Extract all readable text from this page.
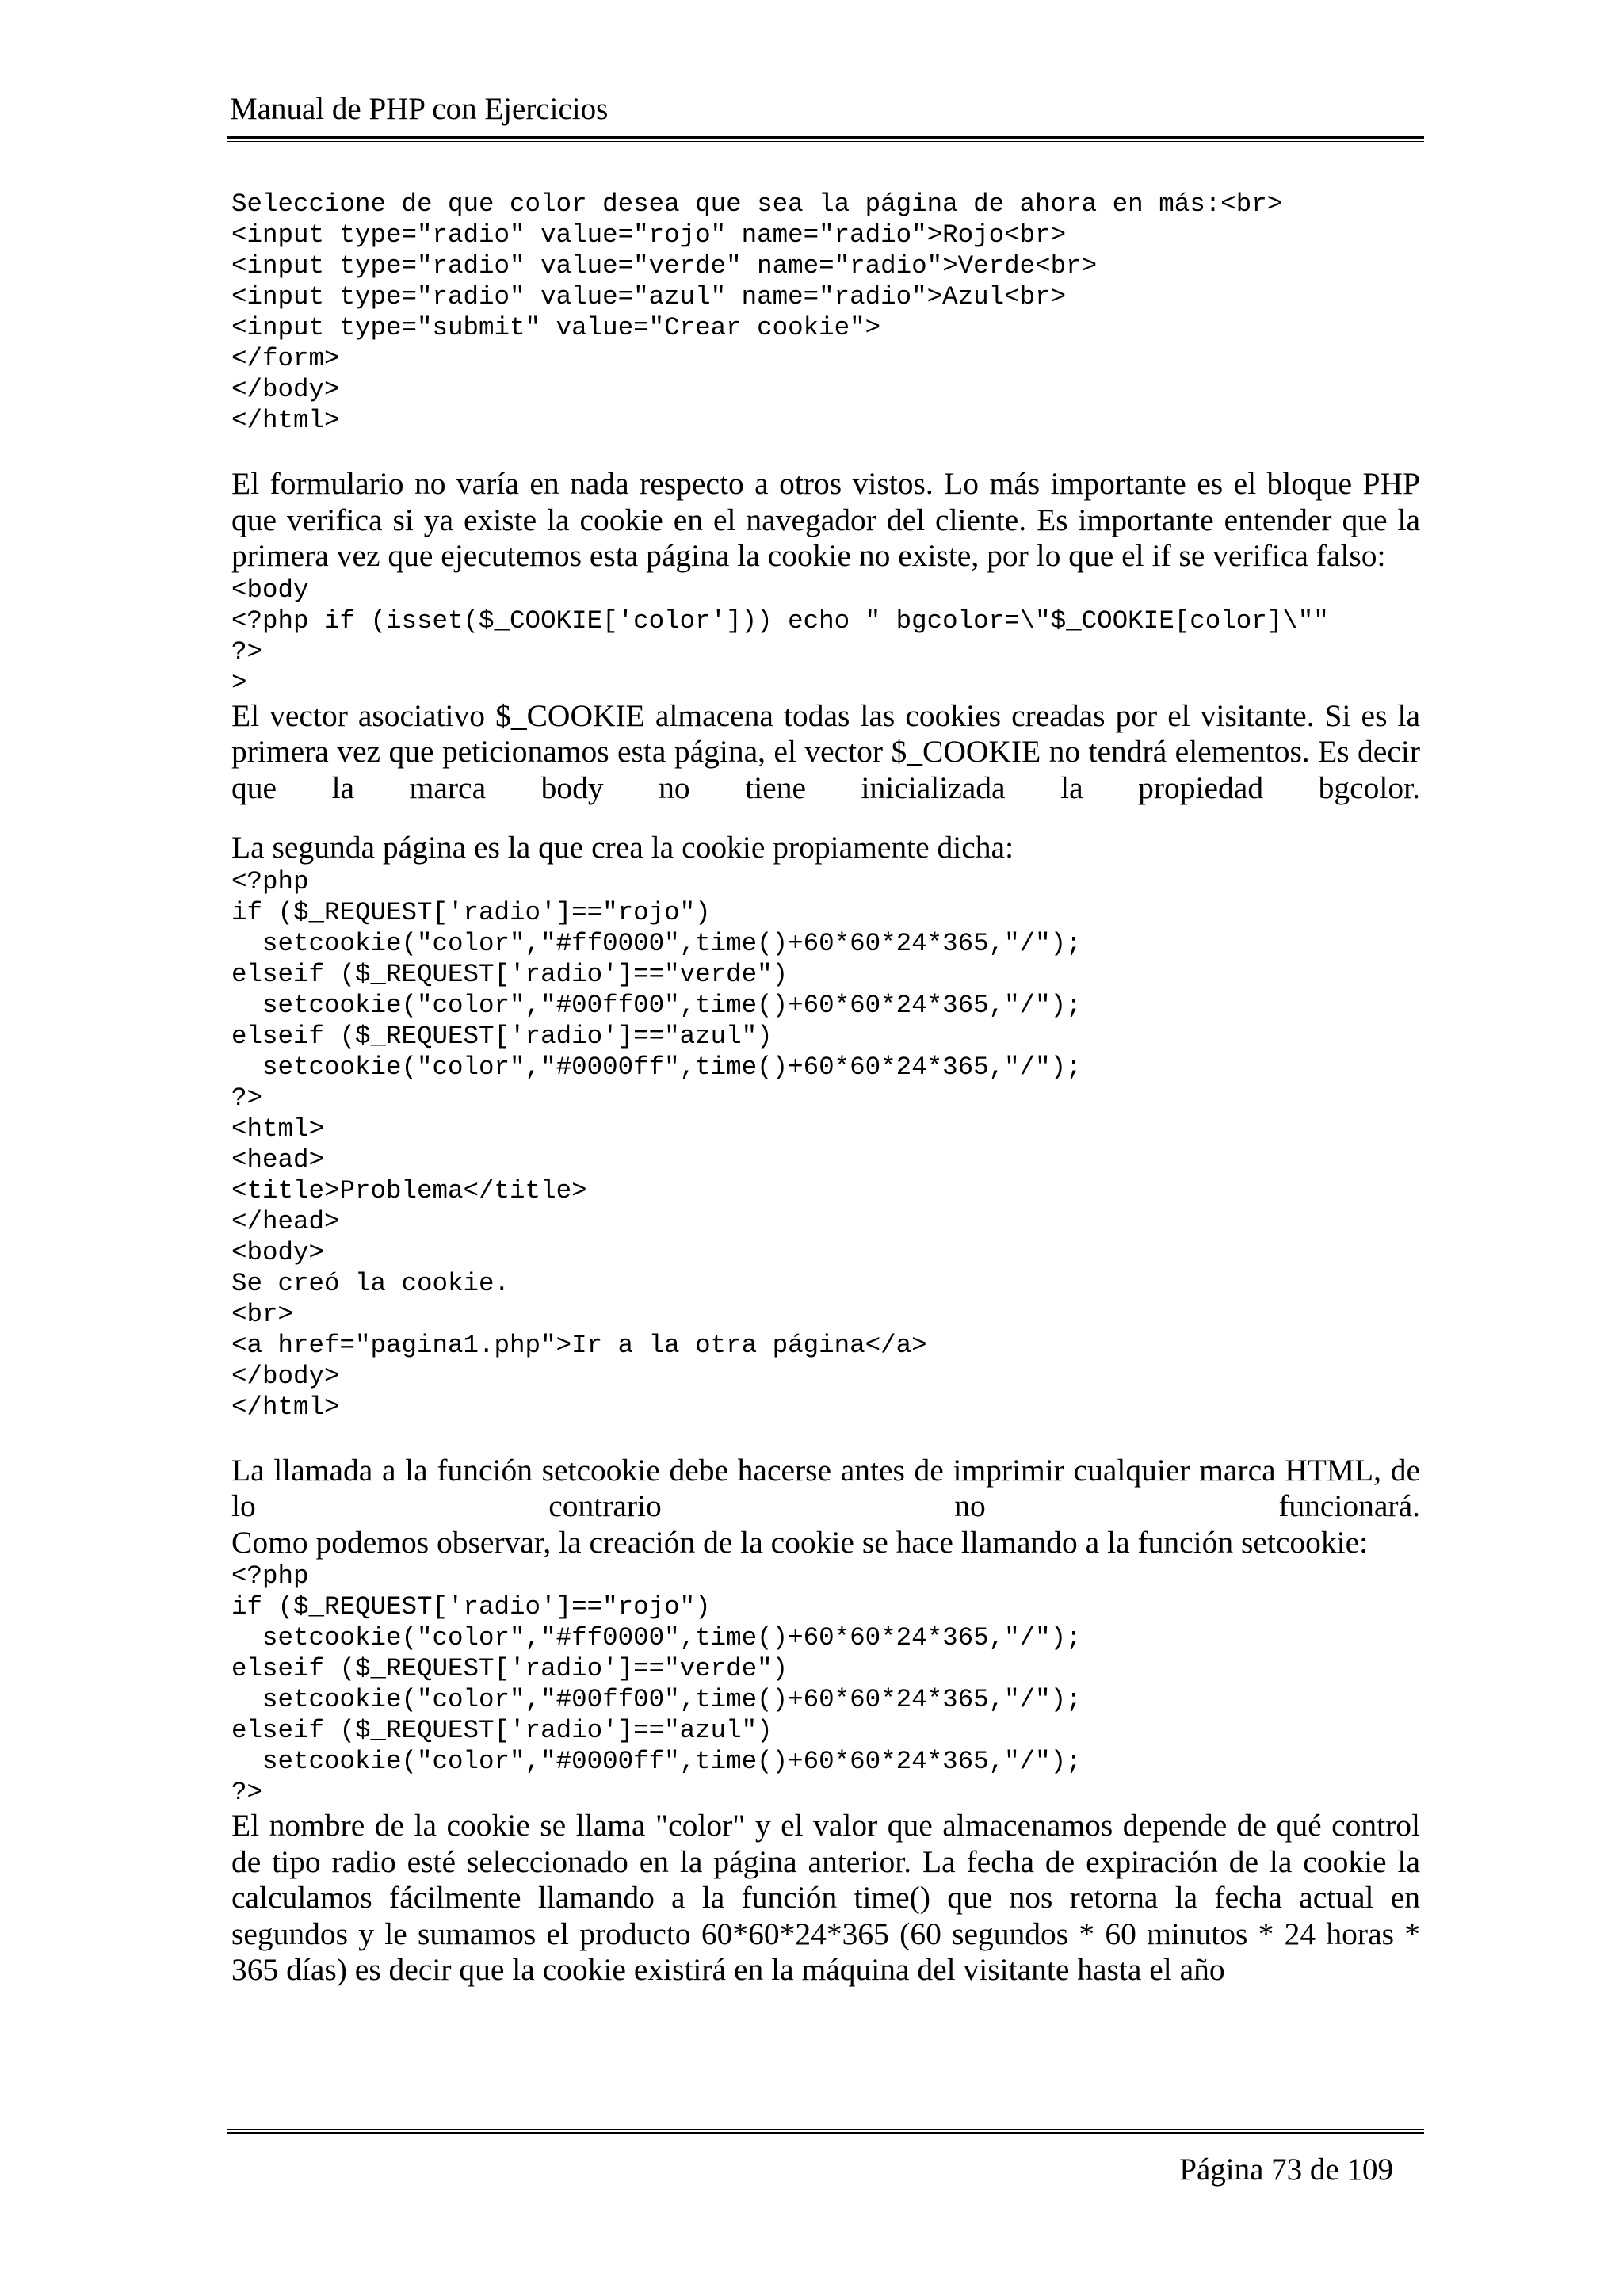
Manual de PHP con Ejercicios
Seleccione de que color desea que sea la página de ahora en más:<br>
<input type="radio" value="rojo" name="radio">Rojo<br>
<input type="radio" value="verde" name="radio">Verde<br>
<input type="radio" value="azul" name="radio">Azul<br>
<input type="submit" value="Crear cookie">
</form>
</body>
</html>

El formulario no varía en nada respecto a otros vistos. Lo más importante es el bloque PHP que verifica si ya existe la cookie en el navegador del cliente. Es importante entender que la primera vez que ejecutemos esta página la cookie no existe, por lo que el if se verifica falso:

<body
<?php if (isset($_COOKIE['color'])) echo " bgcolor=\"$_COOKIE[color]\""
?>
>

El vector asociativo $_COOKIE almacena todas las cookies creadas por el visitante. Si es la primera vez que peticionamos esta página, el vector $_COOKIE no tendrá elementos. Es decir que la marca body no tiene inicializada la propiedad bgcolor.

La segunda página es la que crea la cookie propiamente dicha:

<?php
if ($_REQUEST['radio']=="rojo")
setcookie("color","#ff0000",time()+60*60*24*365,"/");
elseif ($_REQUEST['radio']=="verde")
setcookie("color","#00ff00",time()+60*60*24*365,"/");
elseif ($_REQUEST['radio']=="azul")
setcookie("color","#0000ff",time()+60*60*24*365,"/");
?>
<html>
<head>
<title>Problema</title>
</head>
<body>
Se creó la cookie.
<br>
<a href="pagina1.php">Ir a la otra página</a>
</body>
</html>

La llamada a la función setcookie debe hacerse antes de imprimir cualquier marca HTML, de lo contrario no funcionará.

Como podemos observar, la creación de la cookie se hace llamando a la función setcookie:

<?php
if ($_REQUEST['radio']=="rojo")
setcookie("color","#ff0000",time()+60*60*24*365,"/");
elseif ($_REQUEST['radio']=="verde")
setcookie("color","#00ff00",time()+60*60*24*365,"/");
elseif ($_REQUEST['radio']=="azul")
setcookie("color","#0000ff",time()+60*60*24*365,"/");
?>

El nombre de la cookie se llama "color" y el valor que almacenamos depende de qué control de tipo radio esté seleccionado en la página anterior. La fecha de expiración de la cookie la calculamos fácilmente llamando a la función time() que nos retorna la fecha actual en segundos y le sumamos el producto 60*60*24*365 (60 segundos * 60 minutos * 24 horas * 365 días) es decir que la cookie existirá en la máquina del visitante hasta el año

Página 73 de 109
